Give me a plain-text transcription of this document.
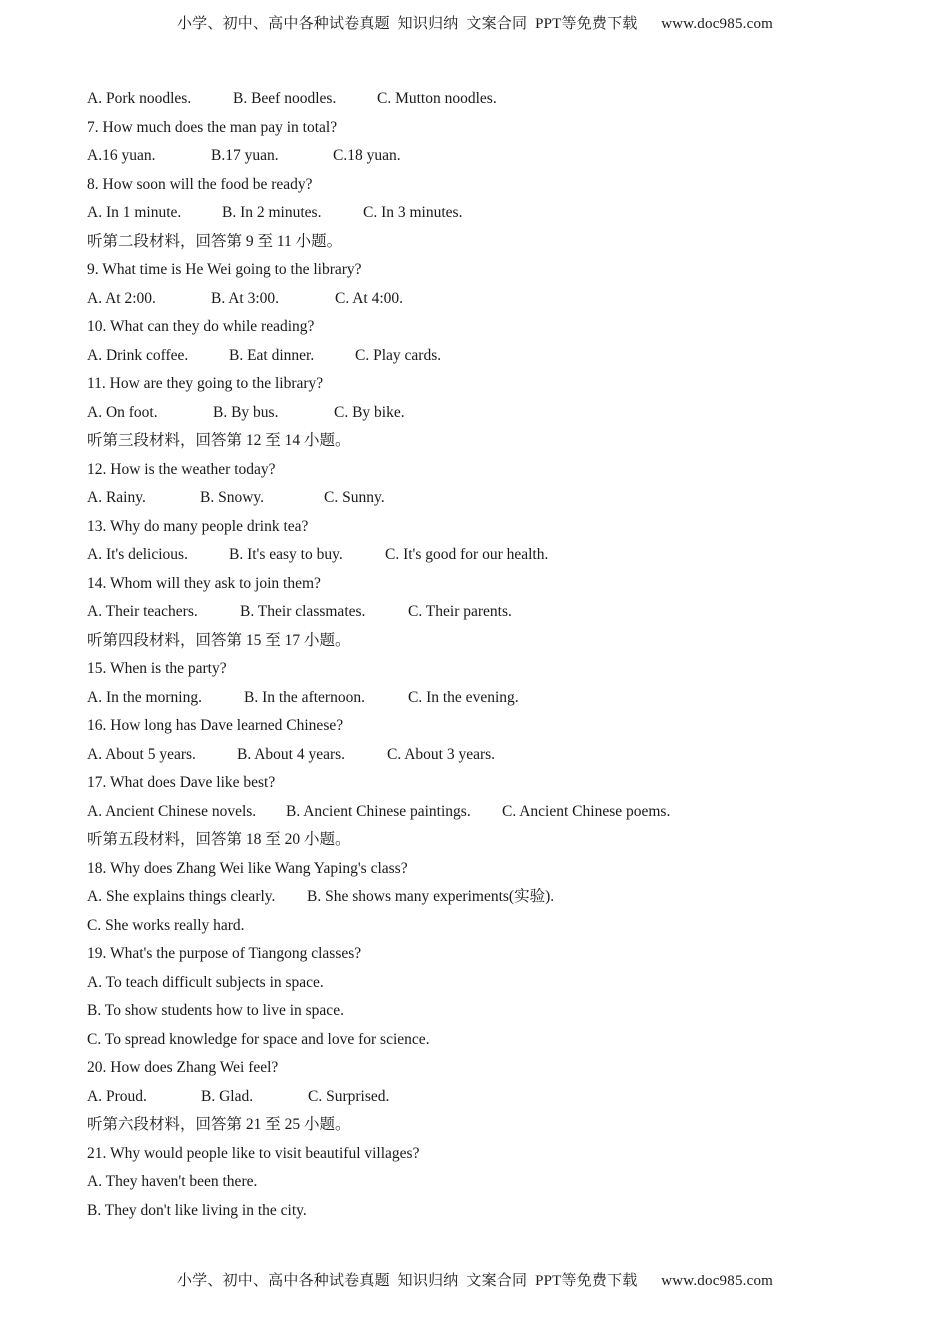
小学、初中、高中各种试卷真题  知识归纳  文案合同  PPT等免费下载      www.doc985.com
A. Pork noodles.	B. Beef noodles.	C. Mutton noodles.
7. How much does the man pay in total?
A.16 yuan.	B.17 yuan.	C.18 yuan.
8. How soon will the food be ready?
A. In 1 minute.	B. In 2 minutes.	C. In 3 minutes.
听第二段材料，回答第 9 至 11 小题。
9. What time is He Wei going to the library?
A. At 2:00.	B. At 3:00.	C. At 4:00.
10. What can they do while reading?
A. Drink coffee.	B. Eat dinner.	C. Play cards.
11. How are they going to the library?
A. On foot.	B. By bus.	C. By bike.
听第三段材料，回答第 12 至 14 小题。
12. How is the weather today?
A. Rainy.	B. Snowy.	C. Sunny.
13. Why do many people drink tea?
A. It's delicious.	B. It's easy to buy.	C. It's good for our health.
14. Whom will they ask to join them?
A. Their teachers.	B. Their classmates.	C. Their parents.
听第四段材料，回答第 15 至 17 小题。
15. When is the party?
A. In the morning.	B. In the afternoon.	C. In the evening.
16. How long has Dave learned Chinese?
A. About 5 years.	B. About 4 years.	C. About 3 years.
17. What does Dave like best?
A. Ancient Chinese novels. B. Ancient Chinese paintings. C. Ancient Chinese poems.
听第五段材料，回答第 18 至 20 小题。
18. Why does Zhang Wei like Wang Yaping's class?
A. She explains things clearly. B. She shows many experiments(实验).
C. She works really hard.
19. What's the purpose of Tiangong classes?
A. To teach difficult subjects in space.
B. To show students how to live in space.
C. To spread knowledge for space and love for science.
20. How does Zhang Wei feel?
A. Proud.	B. Glad.	C. Surprised.
听第六段材料，回答第 21 至 25 小题。
21. Why would people like to visit beautiful villages?
A. They haven't been there.
B. They don't like living in the city.
小学、初中、高中各种试卷真题  知识归纳  文案合同  PPT等免费下载      www.doc985.com
